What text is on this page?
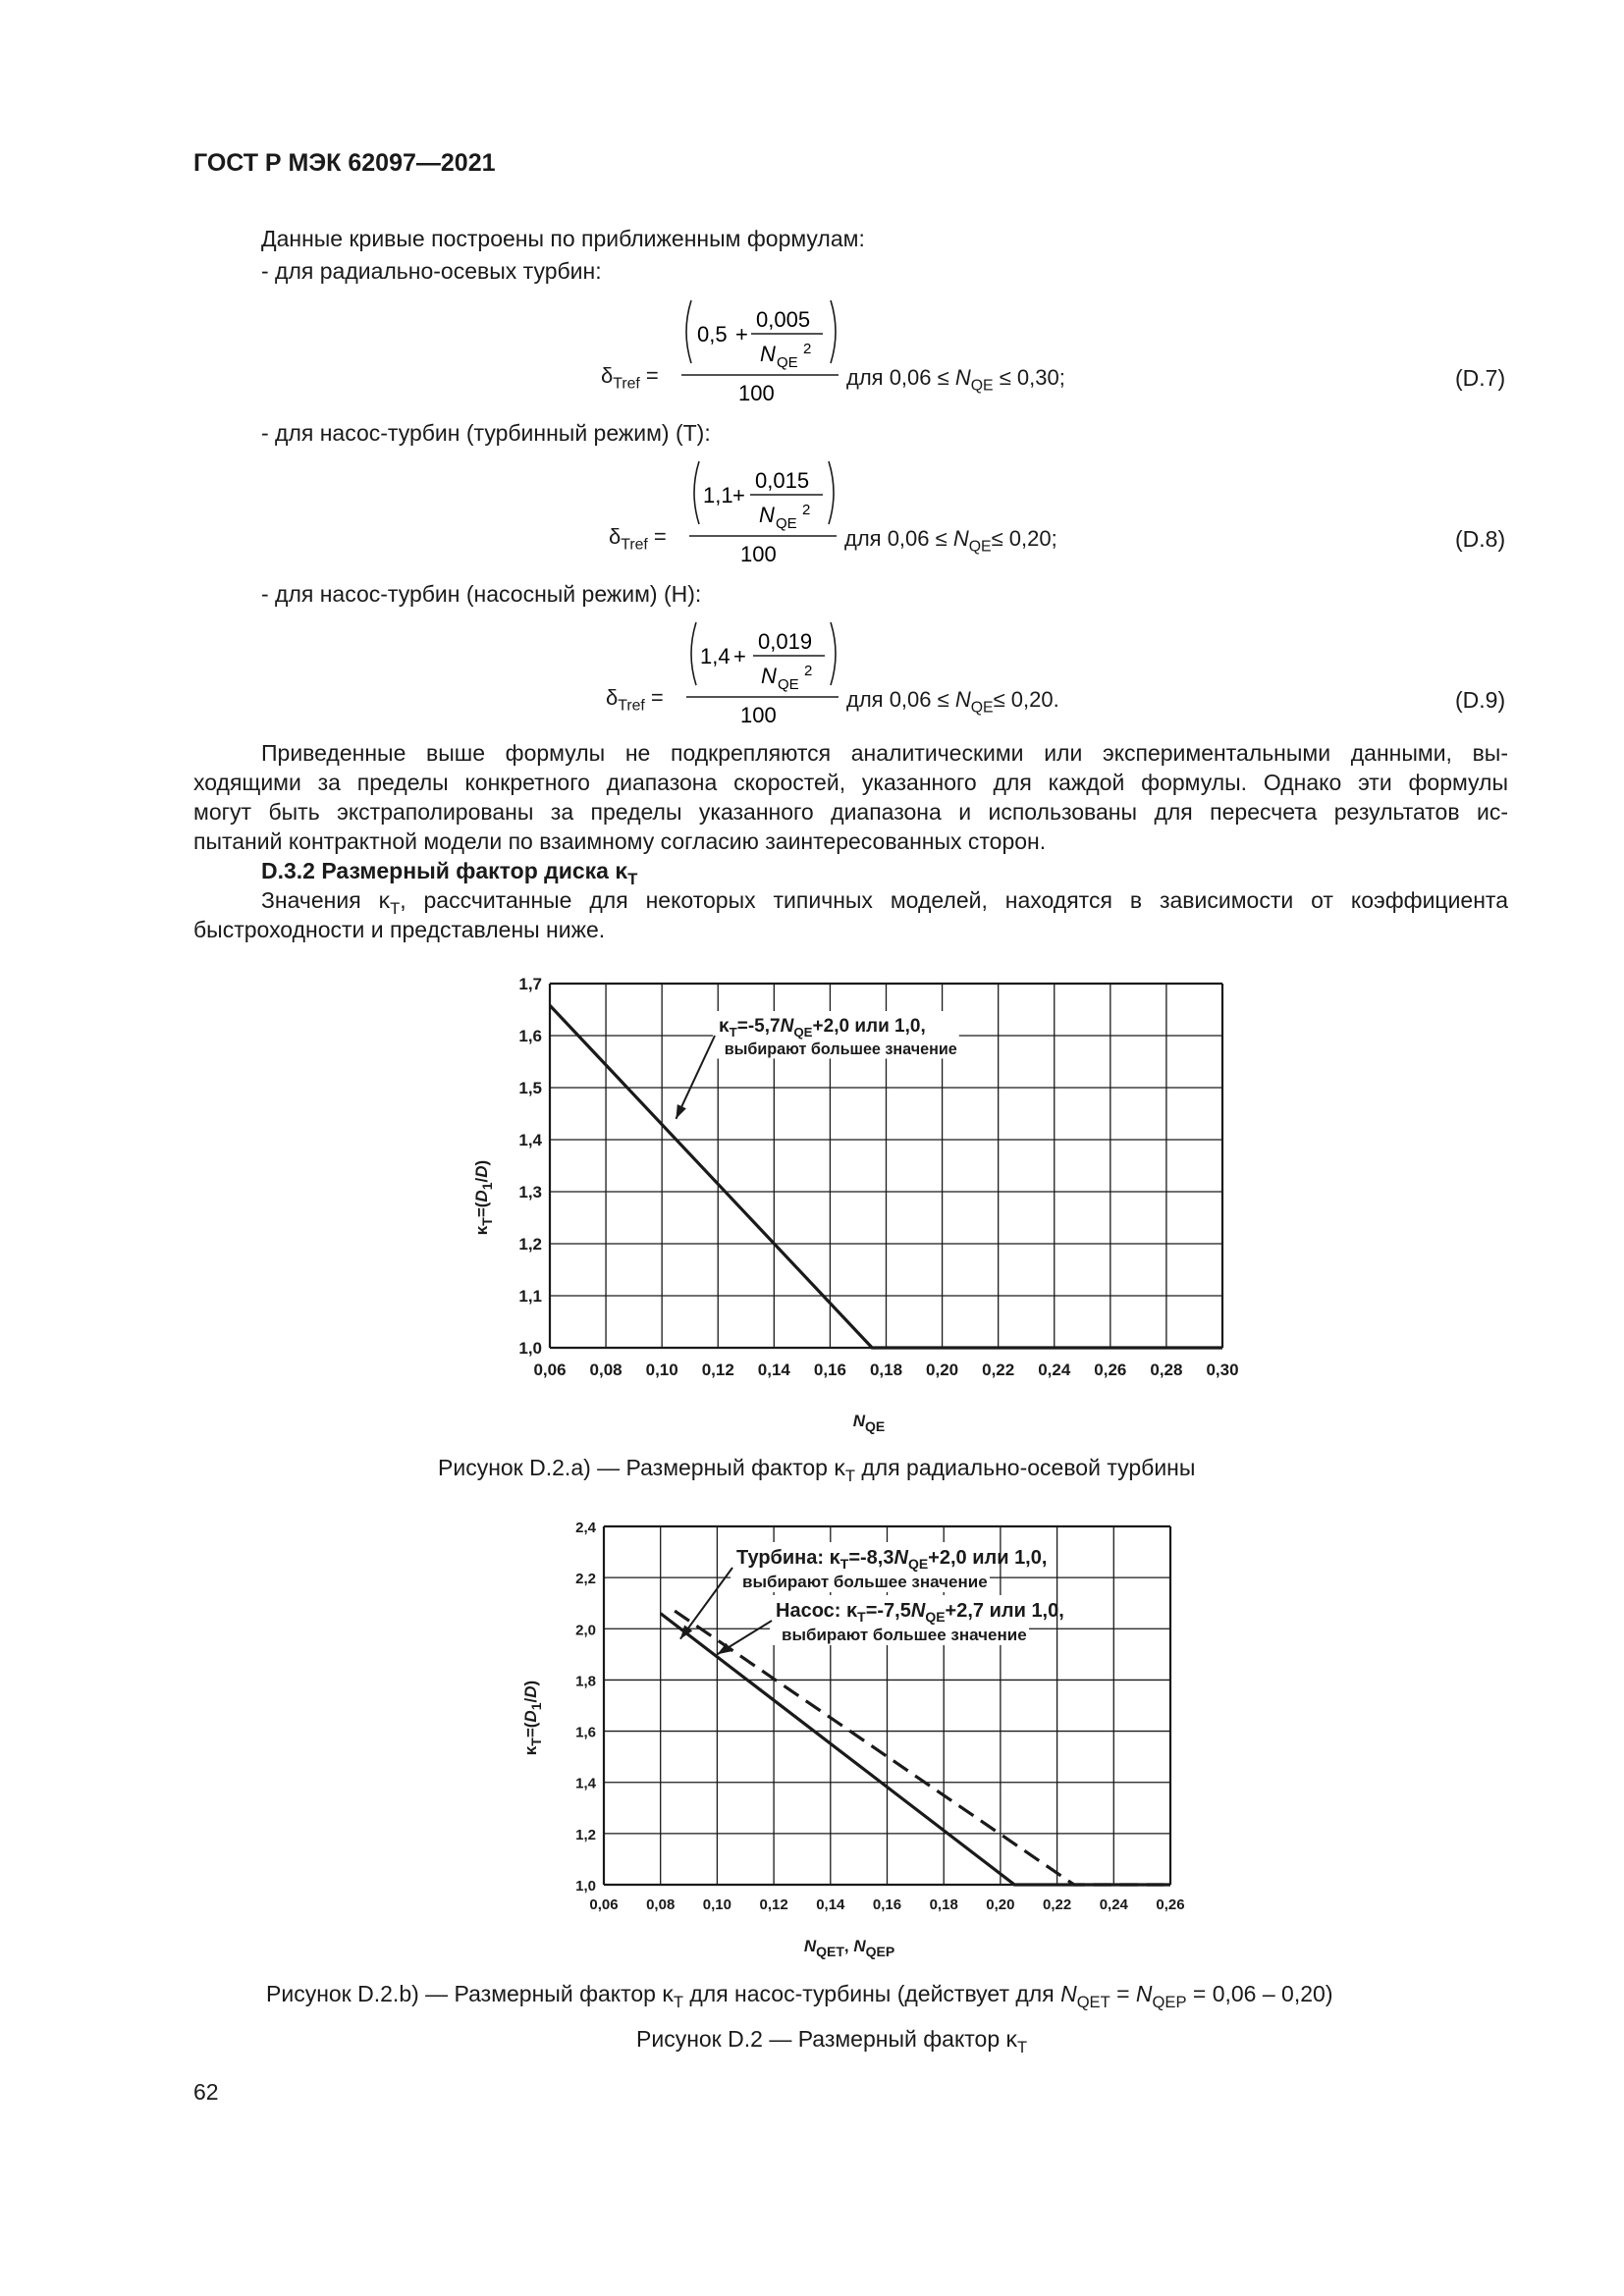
ГОСТ Р МЭК 62097—2021
Данные кривые построены по приближенным формулам:
- для радиально-осевых турбин:
$\delta_{Tref}$ =
0,5 +
0,005
N QE
2
100
для $0,06 \le N_{QE} \le 0,30$;	(D.7)
- для насос-турбин (турбинный режим) (Т):
$\delta_{Tref}$ =
1,1 +
0,015
N QE
2
100
для $0,06 \le N_{QE}\le 0,20$;	(D.8)
- для насос-турбин (насосный режим) (Н):
$\delta_{Tref}$ =
1,4 +
0,019
N QE
2
100
для $0,06 \le N_{QE}\le 0,20$.	(D.9)
Приведенные выше формулы не подкрепляются аналитическими или экспериментальными данными, вы-
ходящими за пределы конкретного диапазона скоростей, указанного для каждой формулы. Однако эти формулы
могут быть экстраполированы за пределы указанного диапазона и использованы для пересчета результатов ис-
пытаний контрактной модели по взаимному согласию заинтересованных сторон.
D.3.2 Размерный фактор диска $\kappa_T$
Значения $\kappa_T$, рассчитанные для некоторых типичных моделей, находятся в зависимости от коэффициента
быстроходности и представлены ниже.
0,06 0,08 0,10 0,12 0,14 0,16 0,18 0,20 0,22 0,24 0,26 0,28 0,30
1,0
1,1
1,2
1,3
1,4
1,5
1,6
1,7
$\kappa_T=-5,7N_{QE}+2,0$ или 1,0,
выбирают большее значение
$\kappa_T=(D_1/D)$
$N_{QE}$
Рисунок D.2.a) — Размерный фактор $\kappa_T$ для радиально-осевой турбины
0,06 0,08 0,10 0,12 0,14 0,16 0,18 0,20 0,22 0,24 0,26
1,0
1,2
1,4
1,6
1,8
2,0
2,2
2,4
Турбина: $\kappa_T=-8,3N_{QE}+2,0$ или 1,0,
выбирают большее значение
Насос: $\kappa_T=-7,5N_{QE}+2,7$ или 1,0,
выбирают большее значение
$\kappa_T=(D_1/D)$
$N_{QET}$, $N_{QEP}$
Рисунок D.2.b) — Размерный фактор $\kappa_T$ для насос-турбины (действует для $N_{QET} = N_{QEP} = 0,06 - 0,20$)
Рисунок D.2 — Размерный фактор $\kappa_T$
62
